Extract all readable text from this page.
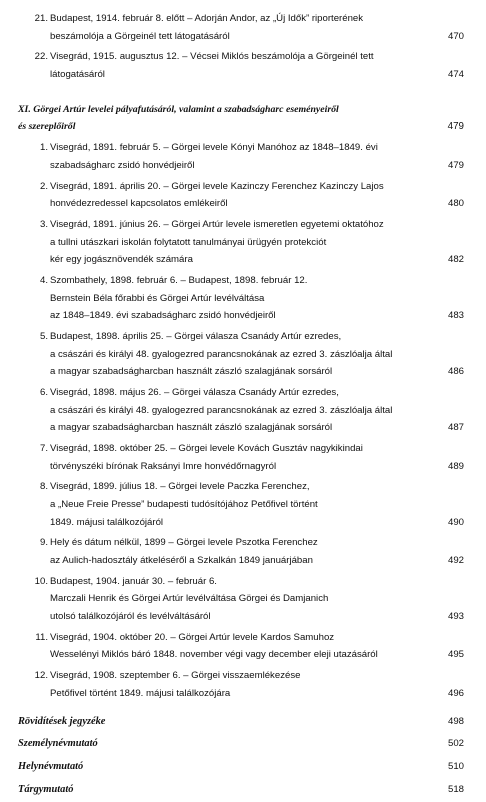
21. Budapest, 1914. február 8. előtt – Adorján Andor, az „Új Idők” riporterének
beszámolója a Görgeinél tett látogatásáról	470
22. Visegrád, 1915. augusztus 12. – Vécsei Miklós beszámolója a Görgeinél tett
látogatásáról	474
XI. Görgei Artúr levelei pályafutásáról, valamint a szabadságharc eseményeiről
és szereplőiről	479
1. Visegrád, 1891. február 5. – Görgei levele Kónyi Manóhoz az 1848–1849. évi
szabadságharc zsidó honvédjeiről	479
2. Visegrád, 1891. április 20. – Görgei levele Kazinczy Ferenchez Kazinczy Lajos
honvédezredessel kapcsolatos emlékeiről	480
3. Visegrád, 1891. június 26. – Görgei Artúr levele ismeretlen egyetemi oktatóhoz
a tullni utászkari iskolán folytatott tanulmányai ürügyén protekciót
kér egy jogásznövendék számára	482
4. Szombathely, 1898. február 6. – Budapest, 1898. február 12.
Bernstein Béla főrabbi és Görgei Artúr levélváltása
az 1848–1849. évi szabadságharc zsidó honvédjeiről	483
5. Budapest, 1898. április 25. – Görgei válasza Csanády Artúr ezredes,
a császári és királyi 48. gyalogezred parancsnokának az ezred 3. zászlóalja által
a magyar szabadságharcban használt zászló szalagjának sorsáról	486
6. Visegrád, 1898. május 26. – Görgei válasza Csanády Artúr ezredes,
a császári és királyi 48. gyalogezred parancsnokának az ezred 3. zászlóalja által
a magyar szabadságharcban használt zászló szalagjának sorsáról	487
7. Visegrád, 1898. október 25. – Görgei levele Kovách Gusztáv nagykikindai
törvényszéki bírónak Raksányi Imre honvédőrnagyról	489
8. Visegrád, 1899. július 18. – Görgei levele Paczka Ferenchez,
a „Neue Freie Presse” budapesti tudósítójához Petőfivel történt
1849. májusi találkozójáról	490
9. Hely és dátum nélkül, 1899 – Görgei levele Pszotka Ferenchez
az Aulich-hadosztály átkeléséről a Szkalkán 1849 januárjában	492
10. Budapest, 1904. január 30. – február 6.
Marczali Henrik és Görgei Artúr levélváltása Görgei és Damjanich
utolsó találkozójáról és levélváltásáról	493
11. Visegrád, 1904. október 20. – Görgei Artúr levele Kardos Samuhoz
Wesselényi Miklós báró 1848. november végi vagy december eleji utazásáról	495
12. Visegrád, 1908. szeptember 6. – Görgei visszaemlékezése
Petőfivel történt 1849. májusi találkozójára	496
Rövidítések jegyzéke	498
Személynévmutató	502
Helynévmutató	510
Tárgymutató	518
